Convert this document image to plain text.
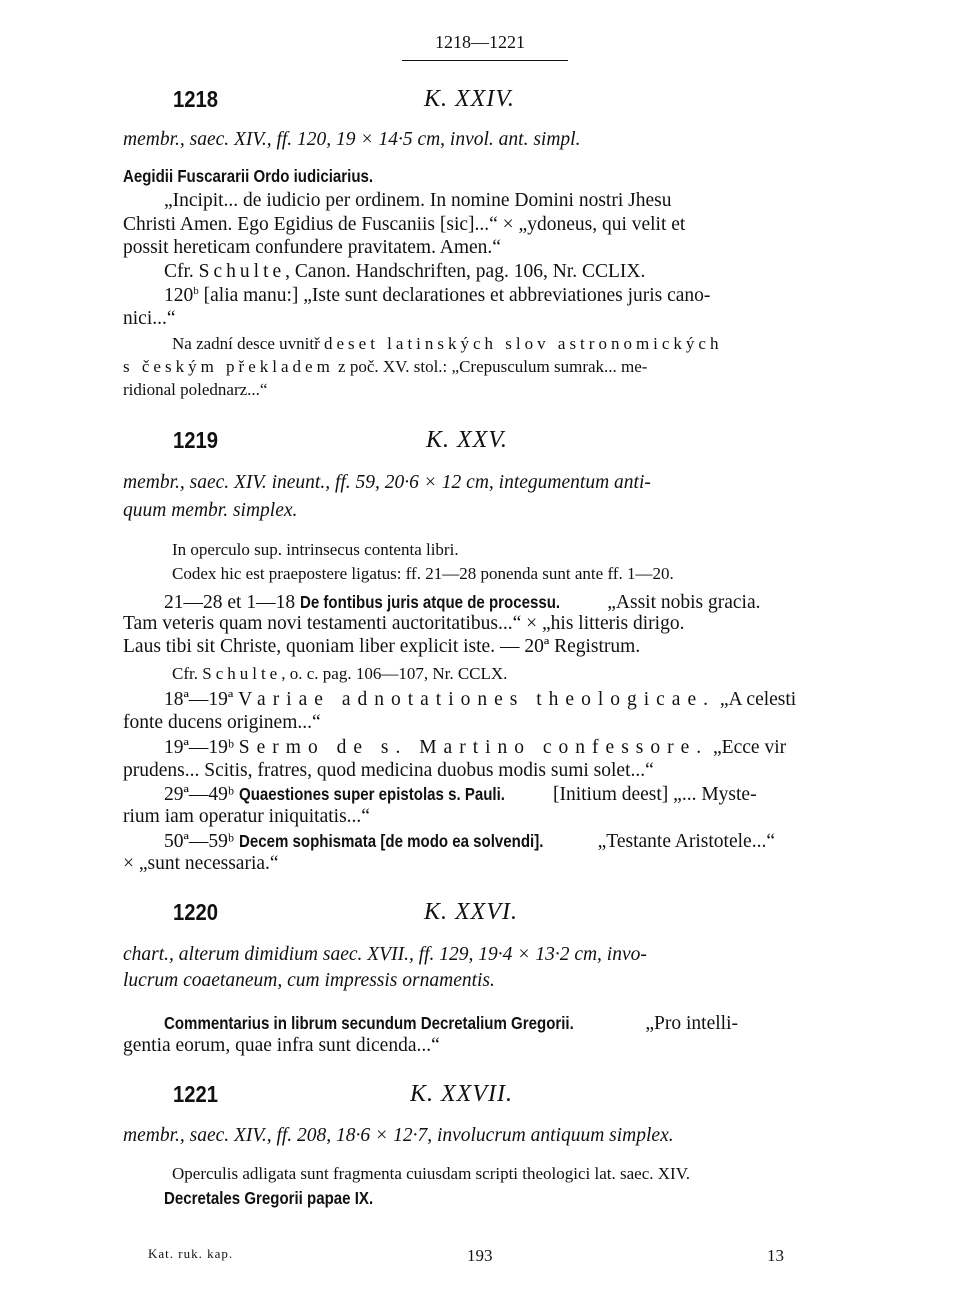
1218—1221
1218	K. XXIV.
membr., saec. XIV., ff. 120, 19 × 14·5 cm, invol. ant. simpl.
Aegidii Fuscararii Ordo iudiciarius.
„Incipit... de iudicio per ordinem. In nomine Domini nostri Jhesu
Christi Amen. Ego Egidius de Fuscaniis [sic]...“ × „ydoneus, qui velit et
possit hereticam confundere pravitatem. Amen.“
Cfr. Schulte, Canon. Handschriften, pag. 106, Nr. CCLIX.
120$^b$ [alia manu:] „Iste sunt declarationes et abbreviationes juris cano-
nici...“
Na zadní desce uvnitř deset latinských slov astronomických
s českým překladem z poč. XV. stol.: „Crepusculum sumrak... me-
ridional polednarz...“
1219	K. XXV.
membr., saec. XIV. ineunt., ff. 59, 20·6 × 12 cm, integumentum anti-
quum membr. simplex.
In operculo sup. intrinsecus contenta libri.
Codex hic est praepostere ligatus: ff. 21—28 ponenda sunt ante ff. 1—20.
21—28 et 1—18 De fontibus juris atque de processu. „Assit nobis gracia.
Tam veteris quam novi testamenti auctoritatibus...“ × „his litteris dirigo.
Laus tibi sit Christe, quoniam liber explicit iste. — 20ª Registrum.
Cfr. Schulte, o. c. pag. 106—107, Nr. CCLX.
18ª—19ª Variae adnotationes theologicae. „A celesti
fonte ducens originem...“
19ª—19ᵇ Sermo de s. Martino confessore. „Ecce vir
prudens... Scitis, fratres, quod medicina duobus modis sumi solet...“
29ª—49ᵇ Quaestiones super epistolas s. Pauli. [Initium deest] „... Myste-
rium iam operatur iniquitatis...“
50ª—59ᵇ Decem sophismata [de modo ea solvendi].	„Testante Aristotele...“
× „sunt necessaria.“
1220	K. XXVI.
chart., alterum dimidium saec. XVII., ff. 129, 19·4 × 13·2 cm, invo-
lucrum coaetaneum, cum impressis ornamentis.
Commentarius in librum secundum Decretalium Gregorii.	„Pro intelli-
gentia eorum, quae infra sunt dicenda...“
1221	K. XXVII.
membr., saec. XIV., ff. 208, 18·6 × 12·7, involucrum antiquum simplex.
Operculis adligata sunt fragmenta cuiusdam scripti theologici lat. saec. XIV.
Decretales Gregorii papae IX.
Kat. ruk. kap.	193	13
